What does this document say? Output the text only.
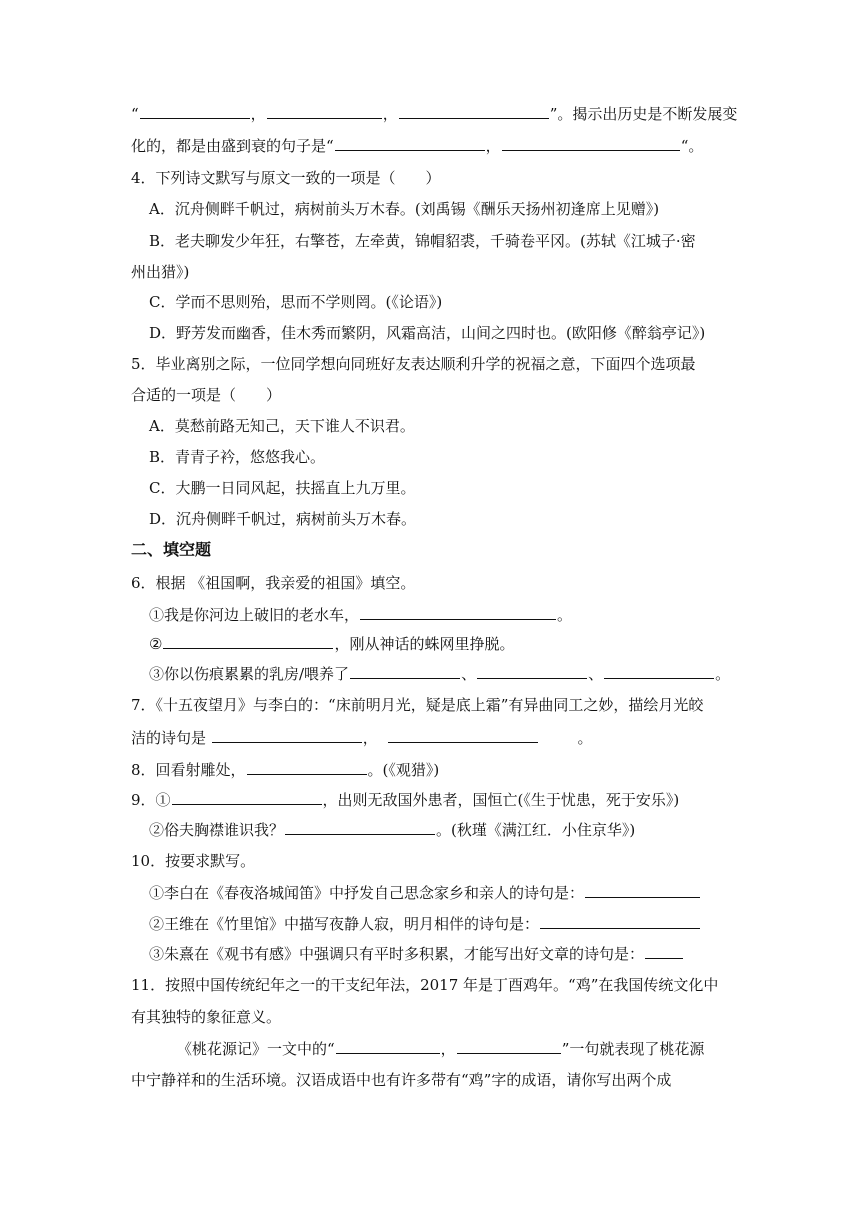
“	，	，	”。揭示出历史是不断发展变
化的，都是由盛到衰的句子是“	，	“。
4．下列诗文默写与原文一致的一项是（　　）
A．沉舟侧畔千帆过，病树前头万木春。(刘禹锡《酬乐天扬州初逢席上见赠》)
B．老夫聊发少年狂，右擎苍，左牵黄，锦帽貂裘，千骑卷平冈。(苏轼《江城子·密
州出猎》)
C．学而不思则殆，思而不学则罔。(《论语》)
D．野芳发而幽香，佳木秀而繁阴，风霜高洁，山间之四时也。(欧阳修《醉翁亭记》)
5．毕业离别之际，一位同学想向同班好友表达顺利升学的祝福之意，下面四个选项最
合适的一项是（　　）
A．莫愁前路无知己，天下谁人不识君。
B．青青子衿，悠悠我心。
C．大鹏一日同风起，扶摇直上九万里。
D．沉舟侧畔千帆过，病树前头万木春。
二、填空题
6．根据 《祖国啊，我亲爱的祖国》填空。
①我是你河边上破旧的老水车，	。
②	，刚从神话的蛛网里挣脱。
③你以伤痕累累的乳房/喂养了	、	、	。
7．《十五夜望月》与李白的：“床前明月光，疑是底上霜”有异曲同工之妙，描绘月光皎
洁的诗句是	，	。
8．回看射雕处，	。(《观猎》)
9．①	，出则无敌国外患者，国恒亡(《生于忧患，死于安乐》)
②俗夫胸襟谁识我？	。(秋瑾《满江红．小住京华》)
10．按要求默写。
①李白在《春夜洛城闻笛》中抒发自己思念家乡和亲人的诗句是：
②王维在《竹里馆》中描写夜静人寂，明月相伴的诗句是：
③朱熹在《观书有感》中强调只有平时多积累，才能写出好文章的诗句是：
11．按照中国传统纪年之一的干支纪年法，2017 年是丁酉鸡年。“鸡”在我国传统文化中
有其独特的象征意义。
《桃花源记》一文中的“	，	”一句就表现了桃花源
中宁静祥和的生活环境。汉语成语中也有许多带有“鸡”字的成语，请你写出两个成
